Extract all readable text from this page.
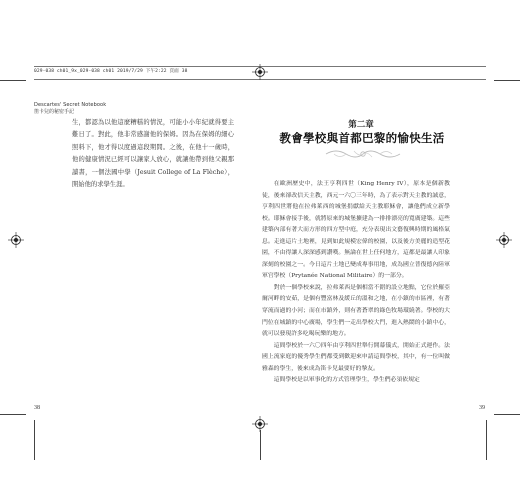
029-038 ch01_9x_029-038 ch01 2019/7/29 下午2:22 頁面 38
Descartes' Secret Notebook
笛卡兒的秘密手記
生，都認為以他這麼糟糕的情況，可能小小年紀就得要主難日了。對此，他非常感謝他的保姆。因為在保姆的細心照料下，他才得以度過這段期間。之後，在他十一歲時，他的健康情況已經可以讓家人放心，就讓他帶到他父親那讀書，一個法國中學（Jesuit College of La Flèche），開始他的求學生涯。
第二章
教會學校與首都巴黎的愉快生活

在歐洲歷史中，法王亨利四世（King Henry IV），原本是個新教徒，後來卻改信天主教，西元一六〇三年時，為了表示對天主教的誠意，亨利四世將他在拉弗萊西的城堡捐獻給天主教耶穌會，讓他們成立新學校。耶穌會接手後，就將原來的城堡擴建為一排排漂亮的寬廣建築。這些建築內部有著大而方形的四方型中庭，充分表現出文藝復興時期的風格氣息。走進這片土地裡，見到如此規模宏偉的校園，以及後方美麗的造型花園，不由得讓人深深感到讚嘆。無論在世上任何地方，這都是最讓人印象深刻的校園之一。今日這片土地已變成專事用地，成為國立普復德內陸軍軍官學校（Prytanée National Militaire）的一部分。

對於一個學校來說，拉弗萊西是個相當不錯的設立地點，它位於羅亞爾河畔的安茹，是個有豐富林及緩丘的溫和之地，在小鎮的市區裡，有著穿流而過的小河；而在市鎮外，則有著蒼翠的綠色牧場環繞著。學校的大門位在城鎮的中心廣場，學生們一走出學校大門，進入熱鬧的小鎮中心，就可以發現許多吃喝玩樂的地方。

這間學校於一六〇四年由亨利四世舉行開幕儀式，開始正式運作。法國上流家庭的優秀學生們都受到歡迎來申請這間學校，其中，有一位叫做雅森的學生，後來成為笛卡兒最要好的摯友。

這間學校是以軍事化的方式管理學生，學生們必須依規定

38	39
